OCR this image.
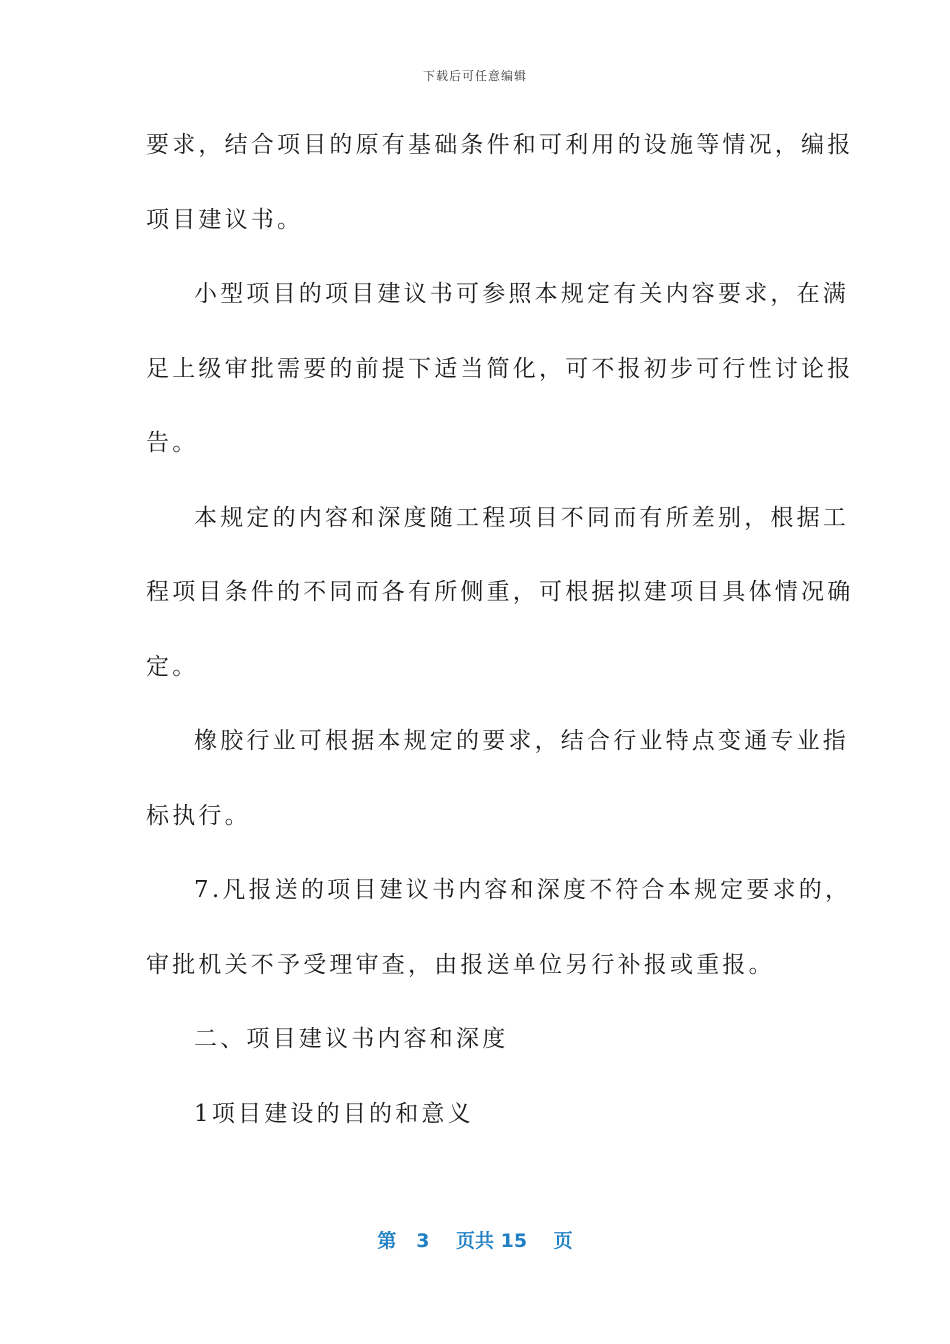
下载后可任意编辑
要求，结合项目的原有基础条件和可利用的设施等情况，编报
项目建议书。
小型项目的项目建议书可参照本规定有关内容要求，在满
足上级审批需要的前提下适当简化，可不报初步可行性讨论报
告。
本规定的内容和深度随工程项目不同而有所差别，根据工
程项目条件的不同而各有所侧重，可根据拟建项目具体情况确
定。
橡胶行业可根据本规定的要求，结合行业特点变通专业指
标执行。
7.凡报送的项目建议书内容和深度不符合本规定要求的，
审批机关不予受理审查，由报送单位另行补报或重报。
二、项目建议书内容和深度
1项目建设的目的和意义
第 3 页共 15 页
